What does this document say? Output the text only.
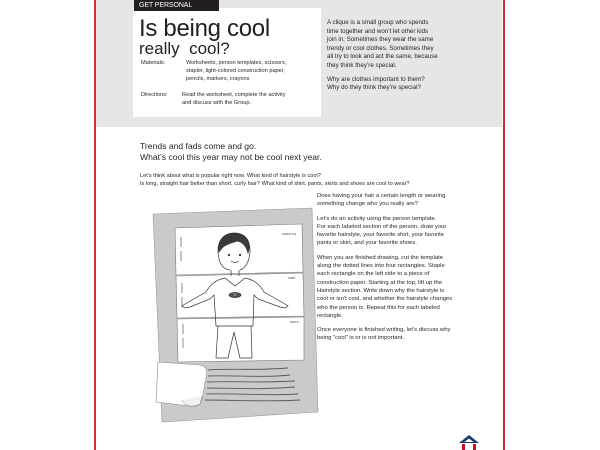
GET PERSONAL
Is being cool
really  cool?
Materials:	Worksheets, person templates, scissors,
stapler, light-colored construction paper,
pencils, markers, crayons
Directions:	Read the worksheet, complete the activity
and discuss with the Group.

A clique is a small group who spends
time together and won’t let other kids
join in. Sometimes they wear the same
trendy or cool clothes. Sometimes they
all try to look and act the same, because
they think they’re special.

Why are clothes important to them?
Why do they think they’re special?

Trends and fads come and go.
What’s cool this year may not be cool next year.
Let’s think about what is popular right now. What kind of hairstyle is cool?
Is long, straight hair better than short, curly hair? What kind of shirt, pants, skirts and shoes are cool to wear?

Does having your hair a certain length or wearing
something change who you really are?

Let’s do an activity using the person template.
For each labeled section of the person, draw your
favorite hairstyle, your favorite shirt, your favorite
pants or skirt, and your favorite shoes.

When you are finished drawing, cut the template
along the dotted lines into four rectangles. Staple
each rectangle on the left side to a piece of
construction paper. Starting at the top, lift up the
Hairstyle section. Write down why the hairstyle is
cool or isn’t cool, and whether the hairstyle changes
who the person is. Repeat this for each labeled
rectangle.

Once everyone is finished writing, let’s discuss why
being “cool” is or is not important.

HAIRSTYLE
SHIRT
PANTS
